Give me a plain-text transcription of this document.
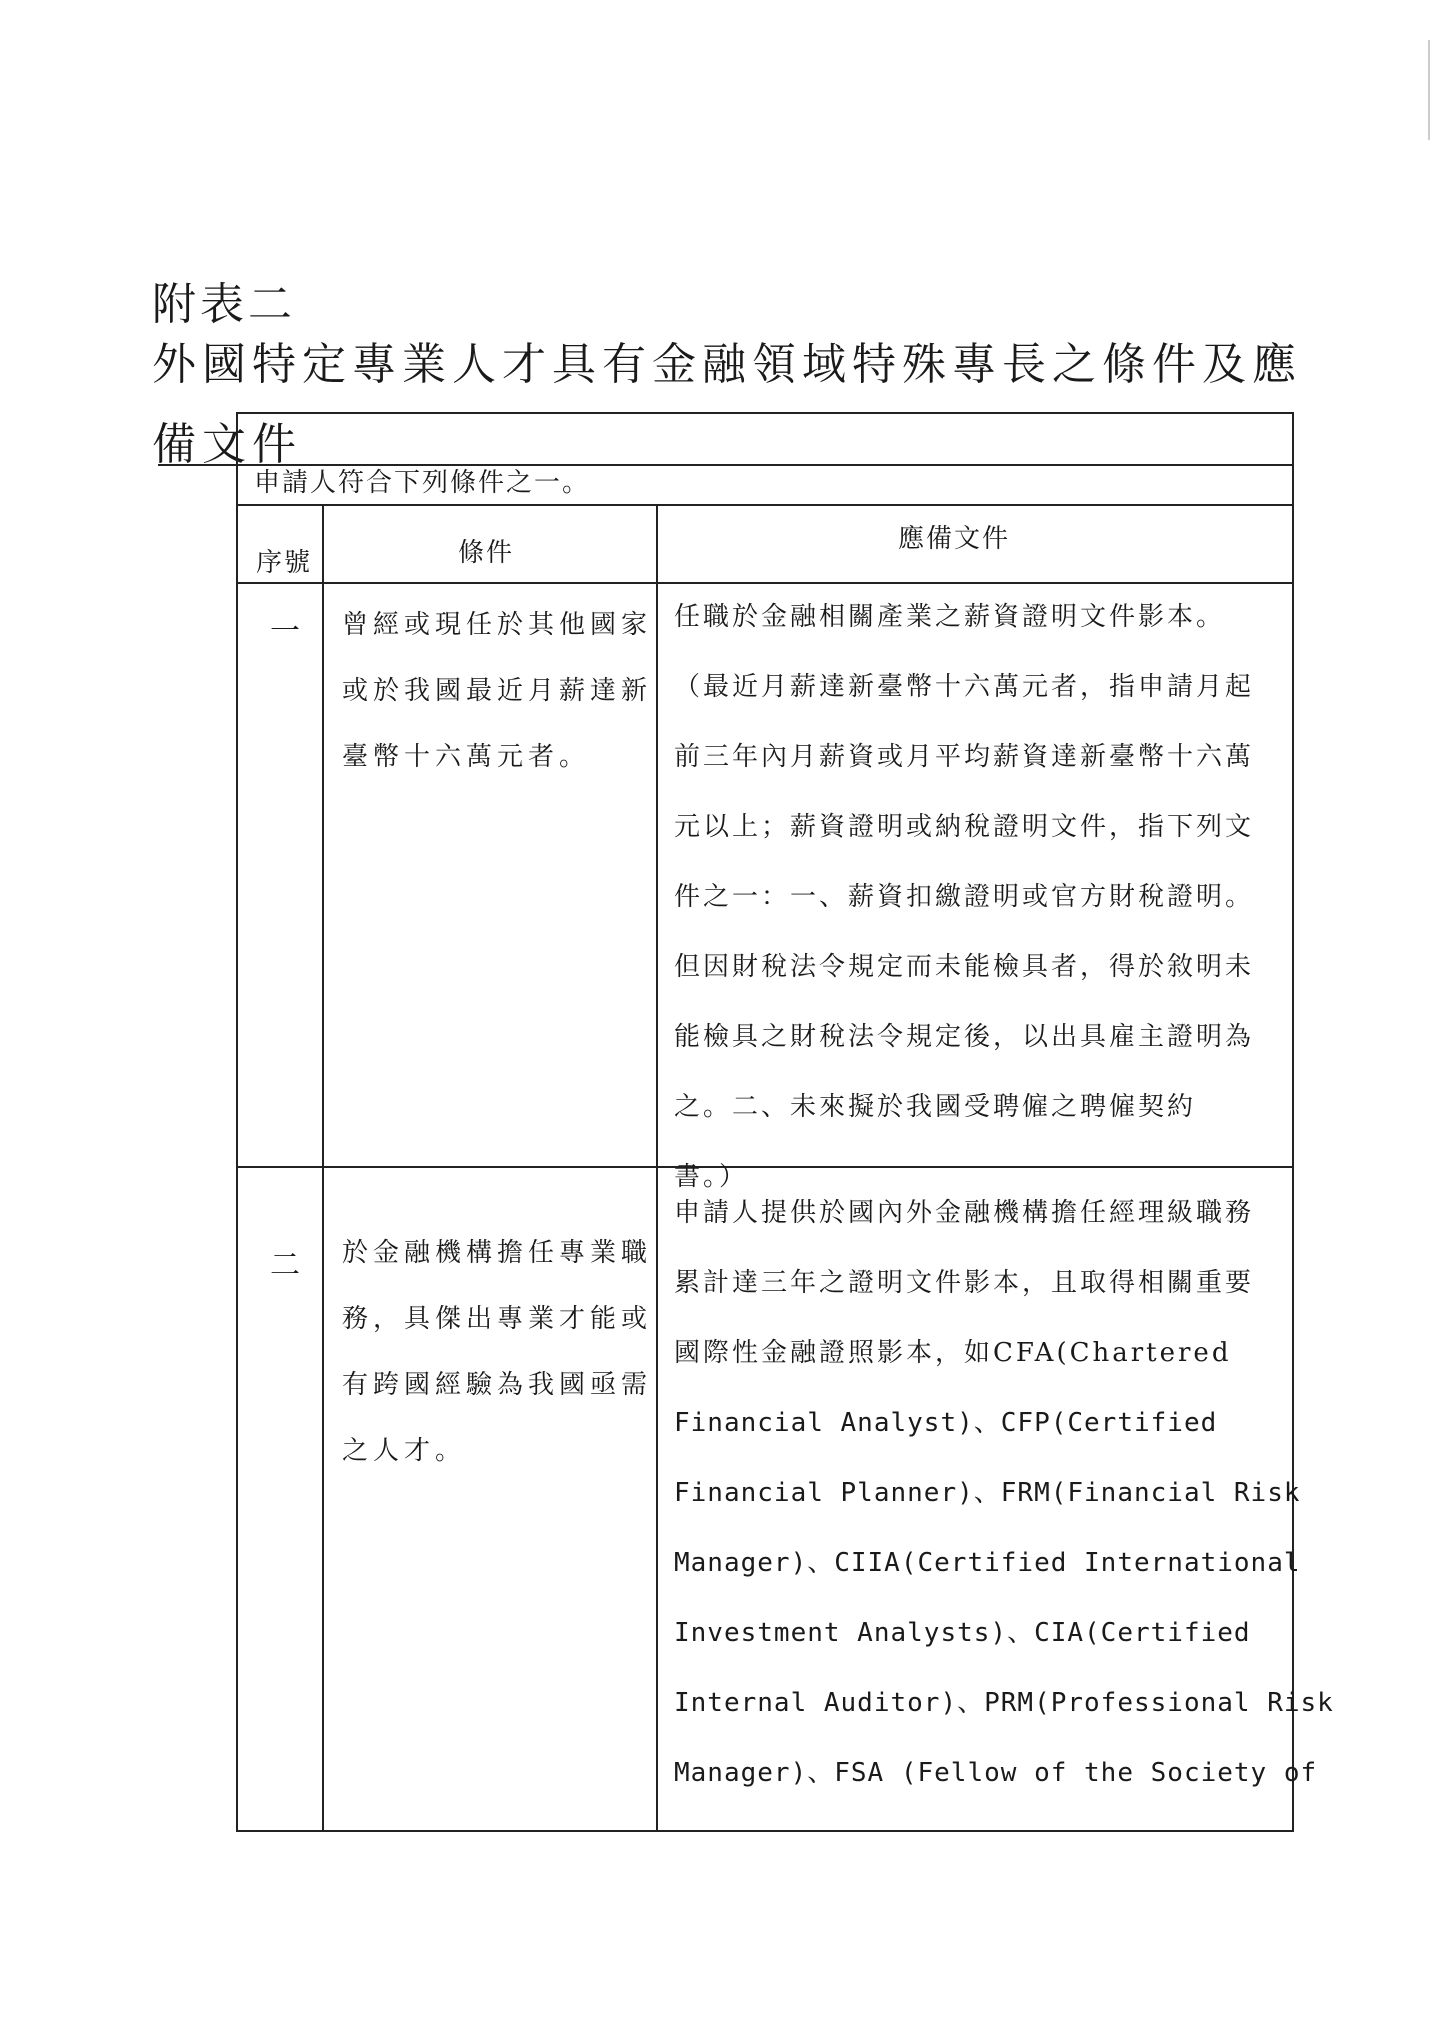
附表二
外國特定專業人才具有金融領域特殊專長之條件及應
備文件
申請人符合下列條件之一。
序號	條件	應備文件
一 曾經或現任於其他國家
或於我國最近月薪達新
臺幣十六萬元者。
任職於金融相關產業之薪資證明文件影本。
（最近月薪達新臺幣十六萬元者，指申請月起
前三年內月薪資或月平均薪資達新臺幣十六萬
元以上；薪資證明或納稅證明文件，指下列文
件之一：一、薪資扣繳證明或官方財稅證明。
但因財稅法令規定而未能檢具者，得於敘明未
能檢具之財稅法令規定後，以出具雇主證明為
之。二、未來擬於我國受聘僱之聘僱契約
書。）
二 於金融機構擔任專業職
務，具傑出專業才能或
有跨國經驗為我國亟需
之人才。
申請人提供於國內外金融機構擔任經理級職務
累計達三年之證明文件影本，且取得相關重要
國際性金融證照影本，如CFA(Chartered
Financial Analyst)、CFP(Certified
Financial Planner)、FRM(Financial Risk
Manager)、CIIA(Certified International
Investment Analysts)、CIA(Certified
Internal Auditor)、PRM(Professional Risk
Manager)、FSA (Fellow of the Society of
